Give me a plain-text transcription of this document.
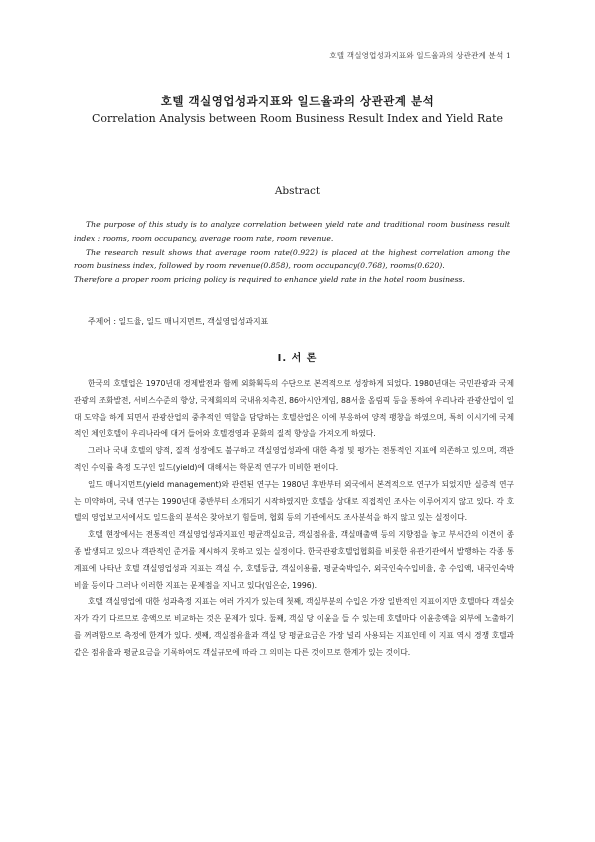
호텔 객실영업성과지표와 일드율과의 상관관계 분석 1
호텔 객실영업성과지표와 일드율과의 상관관계 분석
Correlation Analysis between Room Business Result Index and Yield Rate
Abstract

The purpose of this study is to analyze correlation between yield rate and traditional room business result index : rooms, room occupancy, average room rate, room revenue.

The research result shows that average room rate(0.922) is placed at the highest correlation among the room business index, followed by room revenue(0.858), room occupancy(0.768), rooms(0.620).

Therefore a proper room pricing policy is required to enhance yield rate in the hotel room business.

주제어 : 일드율, 일드 매니지먼트, 객실영업성과지표
Ⅰ. 서 론

한국의 호텔업은 1970년대 경제발전과 함께 외화획득의 수단으로 본격적으로 성장하게 되었다. 1980년대는 국민관광과 국제관광의 조화발전, 서비스수준의 향상, 국제회의의 국내유치촉진, 86아시안게임, 88서울 올림픽 등을 통하여 우리나라 관광산업이 일대 도약을 하게 되면서 관광산업의 중추적인 역할을 담당하는 호텔산업은 이에 부응하여 양적 팽창을 하였으며, 특히 이시기에 국제적인 체인호텔이 우리나라에 대거 들어와 호텔경영과 문화의 질적 향상을 가져오게 하였다.

그러나 국내 호텔의 양적, 질적 성장에도 불구하고 객실영업성과에 대한 측정 및 평가는 전통적인 지표에 의존하고 있으며, 객관적인 수익률 측정 도구인 일드(yield)에 대해서는 학문적 연구가 미비한 편이다.

일드 매니지먼트(yield management)와 관련된 연구는 1980년 후반부터 외국에서 본격적으로 연구가 되었지만 실증적 연구는 미약하며, 국내 연구는 1990년대 중반부터 소개되기 시작하였지만 호텔을 상대로 직접적인 조사는 이루어지지 않고 있다. 각 호텔의 영업보고서에서도 일드율의 분석은 찾아보기 힘들며, 협회 등의 기관에서도 조사분석을 하지 않고 있는 실정이다.

호텔 현장에서는 전통적인 객실영업성과지표인 평균객실요금, 객실점유율, 객실매출액 등의 지향점을 놓고 부서간의 이견이 종종 발생되고 있으나 객관적인 준거를 제시하지 못하고 있는 실정이다. 한국관광호텔업협회를 비롯한 유관기관에서 발행하는 각종 통계표에 나타난 호텔 객실영업성과 지표는 객실 수, 호텔등급, 객실이용률, 평균숙박일수, 외국인숙수입비율, 총 수입액, 내국인숙박비율 등이다 그러나 이러한 지표는 문제점을 지니고 있다(임은순, 1996).

호텔 객실영업에 대한 성과측정 지표는 여러 가지가 있는데 첫째, 객실부분의 수입은 가장 일반적인 지표이지만 호텔마다 객실숫자가 각기 다르므로 총액으로 비교하는 것은 문제가 있다. 둘째, 객실 당 이윤을 들 수 있는데 호텔마다 이윤총액을 외부에 노출하기를 꺼려함으로 측정에 한계가 있다. 셋째, 객실점유율과 객실 당 평균요금은 가장 널리 사용되는 지표인데 이 지표 역시 경쟁 호텔과 같은 점유율과 평균요금을 기록하여도 객실규모에 따라 그 의미는 다른 것이므로 한계가 있는 것이다.
